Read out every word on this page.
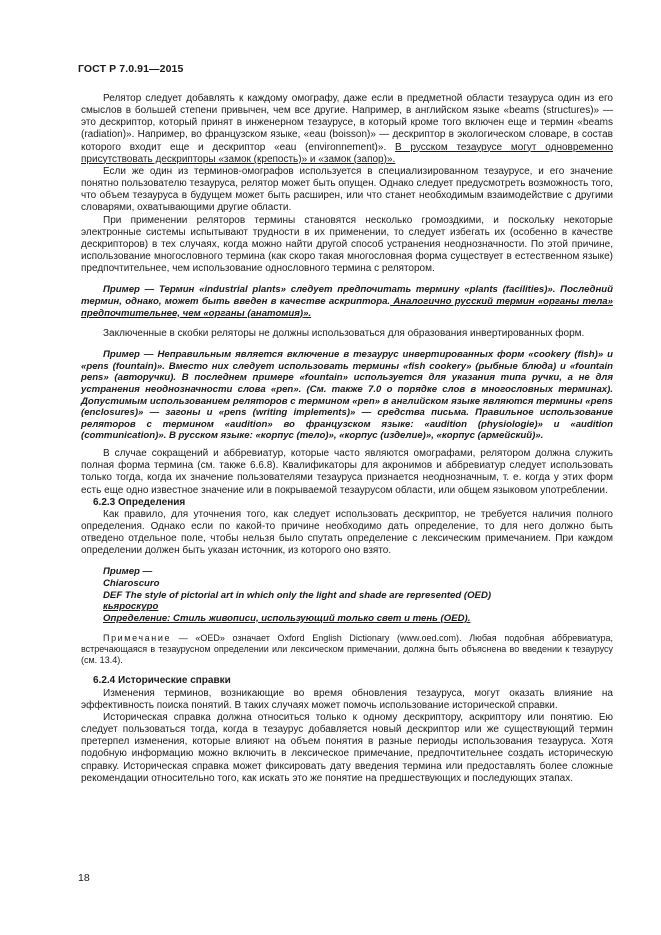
ГОСТ Р 7.0.91—2015

Релятор следует добавлять к каждому омографу, даже если в предметной области тезауруса один из его смыслов в большей степени привычен, чем все другие. Например, в английском языке «beams (structures)» — это дескриптор, который принят в инженерном тезаурусе, в который кроме того включен еще и термин «beams (radiation)». Например, во французском языке, «eau (boisson)» — дескриптор в экологическом словаре, в состав которого входит еще и дескриптор «eau (environnement)». В русском тезаурусе могут одновременно присутствовать дескрипторы «замок (крепость)» и «замок (запор)».

Если же один из терминов-омографов используется в специализированном тезаурусе, и его значение понятно пользователю тезауруса, релятор может быть опущен. Однако следует предусмотреть возможность того, что объем тезауруса в будущем может быть расширен, или что станет необходимым взаимодействие с другими словарями, охватывающими другие области.

При применении реляторов термины становятся несколько громоздкими, и поскольку некоторые электронные системы испытывают трудности в их применении, то следует избегать их (особенно в качестве дескрипторов) в тех случаях, когда можно найти другой способ устранения неоднозначности. По этой причине, использование многословного термина (как скоро такая многословная форма существует в естественном языке) предпочтительнее, чем использование однословного термина с релятором.

Пример — Термин «industrial plants» следует предпочитать термину «plants (facilities)». Последний термин, однако, может быть введен в качестве аскриптора. Аналогично русский термин «органы тела» предпочтительнее, чем «органы (анатомия)».

Заключенные в скобки реляторы не должны использоваться для образования инвертированных форм.

Пример — Неправильным является включение в тезаурус инвертированных форм «cookery (fish)» и «pens (fountain)». Вместо них следует использовать термины «fish cookery» (рыбные блюда) и «fountain pens» (авторучки). В последнем примере «fountain» используется для указания типа ручки, а не для устранения неоднозначности слова «pen». (См. также 7.0 о порядке слов в многословных терминах). Допустимым использованием реляторов с термином «pen» в английском языке являются термины «pens (enclosures)» — загоны и «pens (writing implements)» — средства письма. Правильное использование реляторов с термином «audition» во французском языке: «audition (physiologie)» и «audition (communication)». В русском языке: «корпус (тело)», «корпус (изделие)», «корпус (армейский)».

В случае сокращений и аббревиатур, которые часто являются омографами, релятором должна служить полная форма термина (см. также 6.6.8). Квалификаторы для акронимов и аббревиатур следует использовать только тогда, когда их значение пользователями тезауруса признается неоднозначным, т. е. когда у этих форм есть еще одно известное значение или в покрываемой тезаурусом области, или общем языковом употреблении.

6.2.3 Определения

Как правило, для уточнения того, как следует использовать дескриптор, не требуется наличия полного определения. Однако если по какой-то причине необходимо дать определение, то для него должно быть отведено отдельное поле, чтобы нельзя было спутать определение с лексическим примечанием. При каждом определении должен быть указан источник, из которого оно взято.

Пример —
Chiaroscuro
DEF The style of pictorial art in which only the light and shade are represented (OED)
кьяроскуро
Определение: Стиль живописи, использующий только свет и тень (OED).

Примечание — «OED» означает Oxford English Dictionary (www.oed.com). Любая подобная аббревиатура, встречающаяся в тезаурусном определении или лексическом примечании, должна быть объяснена во введении к тезаурусу (см. 13.4).

6.2.4 Исторические справки

Изменения терминов, возникающие во время обновления тезауруса, могут оказать влияние на эффективность поиска понятий. В таких случаях может помочь использование исторической справки.

Историческая справка должна относиться только к одному дескриптору, аскриптору или понятию. Ею следует пользоваться тогда, когда в тезаурус добавляется новый дескриптор или же существующий термин претерпел изменения, которые влияют на объем понятия в разные периоды использования тезауруса. Хотя подобную информацию можно включить в лексическое примечание, предпочтительнее создать историческую справку. Историческая справка может фиксировать дату введения термина или предоставлять более сложные рекомендации относительно того, как искать это же понятие на предшествующих и последующих этапах.

18
